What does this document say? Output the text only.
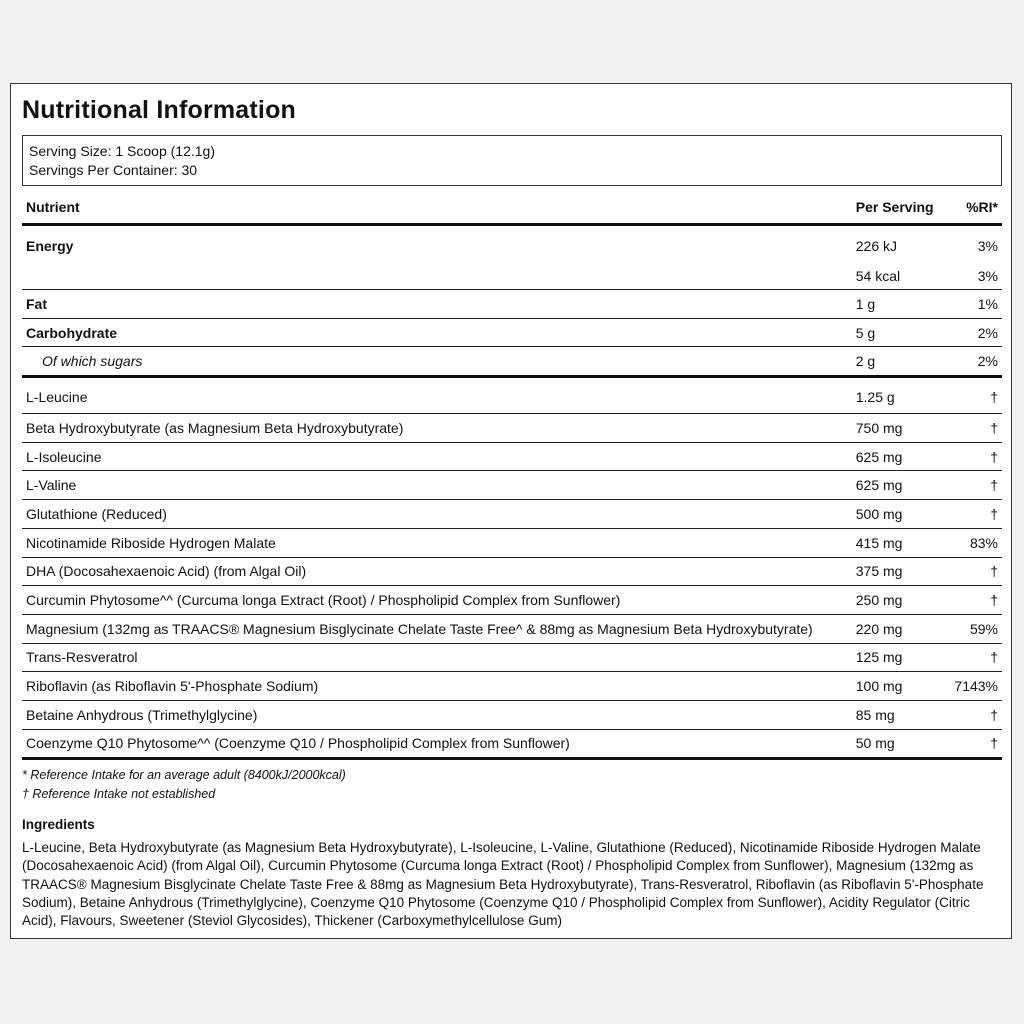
Nutritional Information
Serving Size: 1 Scoop (12.1g)
Servings Per Container: 30
Nutrient	Per Serving	%RI*
Energy	226 kJ	3%
	54 kcal	3%
Fat	1 g	1%
Carbohydrate	5 g	2%
Of which sugars	2 g	2%
L-Leucine	1.25 g	†
Beta Hydroxybutyrate (as Magnesium Beta Hydroxybutyrate)	750 mg	†
L-Isoleucine	625 mg	†
L-Valine	625 mg	†
Glutathione (Reduced)	500 mg	†
Nicotinamide Riboside Hydrogen Malate	415 mg	83%
DHA (Docosahexaenoic Acid) (from Algal Oil)	375 mg	†
Curcumin Phytosome^^ (Curcuma longa Extract (Root) / Phospholipid Complex from Sunflower)	250 mg	†
Magnesium (132mg as TRAACS® Magnesium Bisglycinate Chelate Taste Free^ & 88mg as Magnesium Beta Hydroxybutyrate)	220 mg	59%
Trans-Resveratrol	125 mg	†
Riboflavin (as Riboflavin 5'-Phosphate Sodium)	100 mg	7143%
Betaine Anhydrous (Trimethylglycine)	85 mg	†
Coenzyme Q10 Phytosome^^ (Coenzyme Q10 / Phospholipid Complex from Sunflower)	50 mg	†
* Reference Intake for an average adult (8400kJ/2000kcal)
† Reference Intake not established
Ingredients
L-Leucine, Beta Hydroxybutyrate (as Magnesium Beta Hydroxybutyrate), L-Isoleucine, L-Valine, Glutathione (Reduced), Nicotinamide Riboside Hydrogen Malate (Docosahexaenoic Acid) (from Algal Oil), Curcumin Phytosome (Curcuma longa Extract (Root) / Phospholipid Complex from Sunflower), Magnesium (132mg as TRAACS® Magnesium Bisglycinate Chelate Taste Free & 88mg as Magnesium Beta Hydroxybutyrate), Trans-Resveratrol, Riboflavin (as Riboflavin 5'-Phosphate Sodium), Betaine Anhydrous (Trimethylglycine), Coenzyme Q10 Phytosome (Coenzyme Q10 / Phospholipid Complex from Sunflower), Acidity Regulator (Citric Acid), Flavours, Sweetener (Steviol Glycosides), Thickener (Carboxymethylcellulose Gum)
